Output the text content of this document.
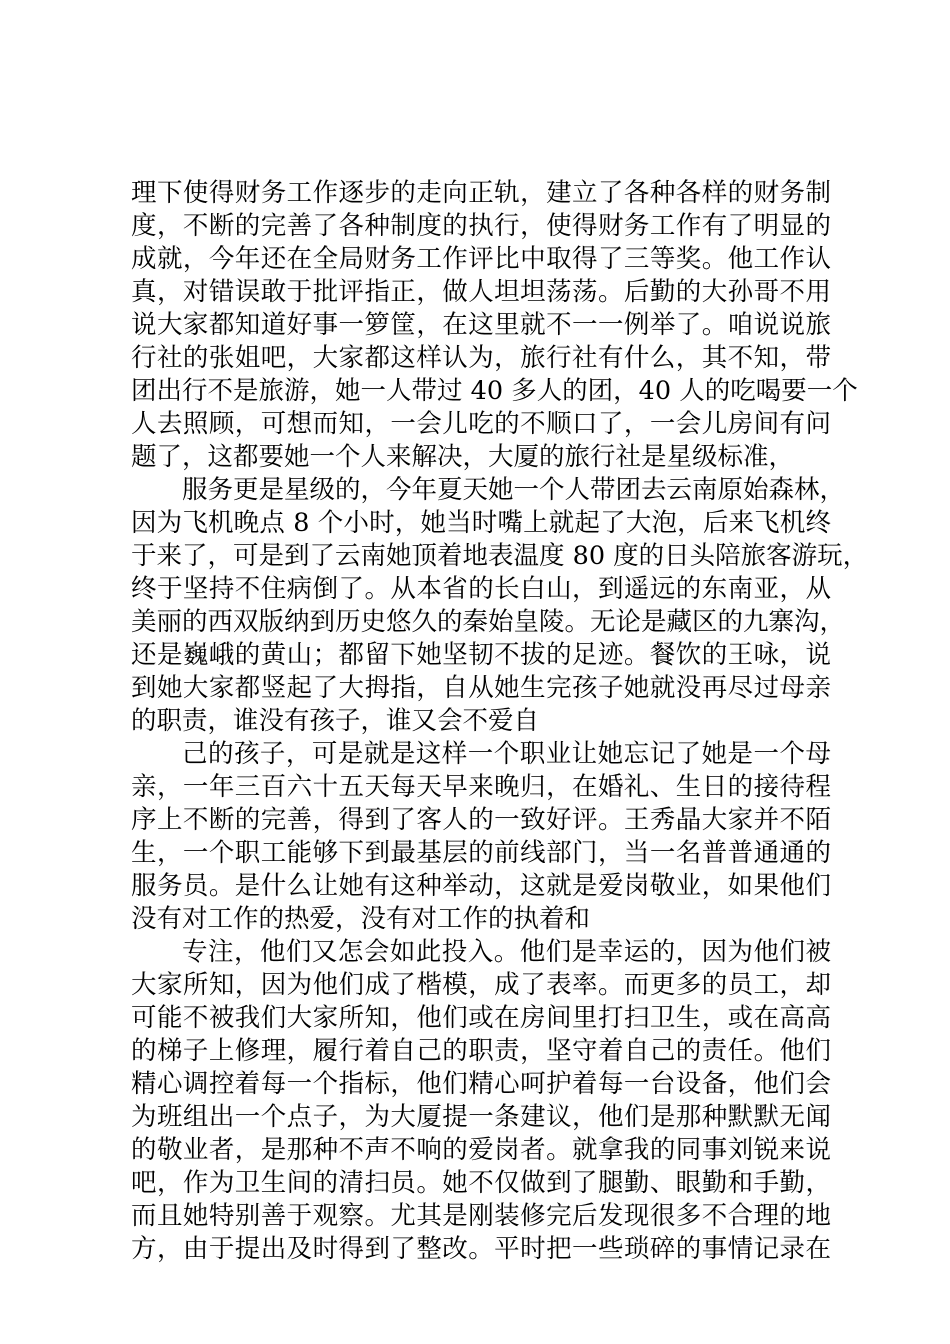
理下使得财务工作逐步的走向正轨，建立了各种各样的财务制
度，不断的完善了各种制度的执行，使得财务工作有了明显的
成就，今年还在全局财务工作评比中取得了三等奖。他工作认
真，对错误敢于批评指正，做人坦坦荡荡。后勤的大孙哥不用
说大家都知道好事一箩筐，在这里就不一一例举了。咱说说旅
行社的张姐吧，大家都这样认为，旅行社有什么，其不知，带
团出行不是旅游，她一人带过 40 多人的团，40 人的吃喝要一个
人去照顾，可想而知，一会儿吃的不顺口了，一会儿房间有问
题了，这都要她一个人来解决，大厦的旅行社是星级标准，
服务更是星级的，今年夏天她一个人带团去云南原始森林，
因为飞机晚点 8 个小时，她当时嘴上就起了大泡，后来飞机终
于来了，可是到了云南她顶着地表温度 80 度的日头陪旅客游玩，
终于坚持不住病倒了。从本省的长白山，到遥远的东南亚，从
美丽的西双版纳到历史悠久的秦始皇陵。无论是藏区的九寨沟，
还是巍峨的黄山；都留下她坚韧不拔的足迹。餐饮的王咏，说
到她大家都竖起了大拇指，自从她生完孩子她就没再尽过母亲
的职责，谁没有孩子，谁又会不爱自
己的孩子，可是就是这样一个职业让她忘记了她是一个母
亲，一年三百六十五天每天早来晚归，在婚礼、生日的接待程
序上不断的完善，得到了客人的一致好评。王秀晶大家并不陌
生，一个职工能够下到最基层的前线部门，当一名普普通通的
服务员。是什么让她有这种举动，这就是爱岗敬业，如果他们
没有对工作的热爱，没有对工作的执着和
专注，他们又怎会如此投入。他们是幸运的，因为他们被
大家所知，因为他们成了楷模，成了表率。而更多的员工，却
可能不被我们大家所知，他们或在房间里打扫卫生，或在高高
的梯子上修理，履行着自己的职责，坚守着自己的责任。他们
精心调控着每一个指标，他们精心呵护着每一台设备，他们会
为班组出一个点子，为大厦提一条建议，他们是那种默默无闻
的敬业者，是那种不声不响的爱岗者。就拿我的同事刘锐来说
吧，作为卫生间的清扫员。她不仅做到了腿勤、眼勤和手勤，
而且她特别善于观察。尤其是刚装修完后发现很多不合理的地
方，由于提出及时得到了整改。平时把一些琐碎的事情记录在
